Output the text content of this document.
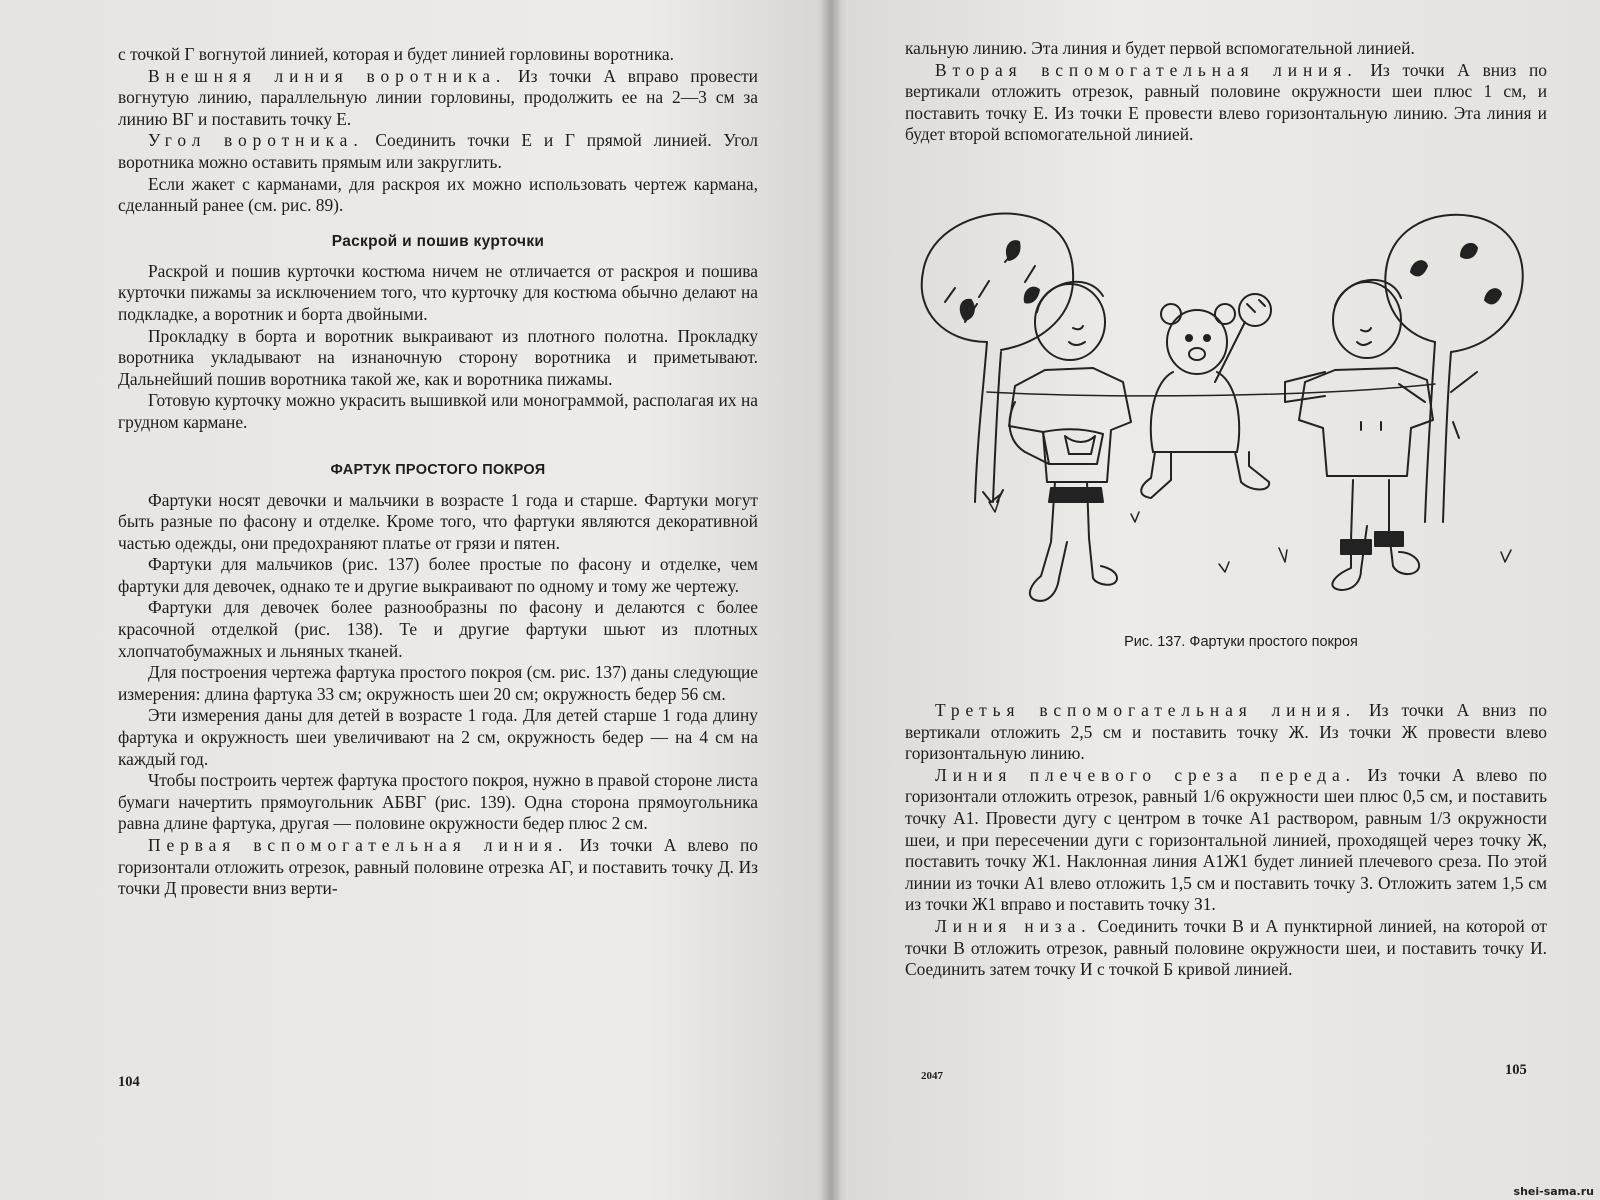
с точкой Г вогнутой линией, которая и будет линией горловины воротника.

Внешняя линия воротника. Из точки А вправо провести вогнутую линию, параллельную линии горловины, продолжить ее на 2—3 см за линию ВГ и поставить точку Е.

Угол воротника. Соединить точки Е и Г прямой линией. Угол воротника можно оставить прямым или закруглить.

Если жакет с карманами, для раскроя их можно использовать чертеж кармана, сделанный ранее (см. рис. 89).

Раскрой и пошив курточки

Раскрой и пошив курточки костюма ничем не отличается от раскроя и пошива курточки пижамы за исключением того, что курточку для костюма обычно делают на подкладке, а воротник и борта двойными.

Прокладку в борта и воротник выкраивают из плотного полотна. Прокладку воротника укладывают на изнаночную сторону воротника и приметывают. Дальнейший пошив воротника такой же, как и воротника пижамы.

Готовую курточку можно украсить вышивкой или монограммой, располагая их на грудном кармане.

ФАРТУК ПРОСТОГО ПОКРОЯ

Фартуки носят девочки и мальчики в возрасте 1 года и старше. Фартуки могут быть разные по фасону и отделке. Кроме того, что фартуки являются декоративной частью одежды, они предохраняют платье от грязи и пятен.

Фартуки для мальчиков (рис. 137) более простые по фасону и отделке, чем фартуки для девочек, однако те и другие выкраивают по одному и тому же чертежу.

Фартуки для девочек более разнообразны по фасону и делаются с более красочной отделкой (рис. 138). Те и другие фартуки шьют из плотных хлопчатобумажных и льняных тканей.

Для построения чертежа фартука простого покроя (см. рис. 137) даны следующие измерения: длина фартука 33 см; окружность шеи 20 см; окружность бедер 56 см.

Эти измерения даны для детей в возрасте 1 года. Для детей старше 1 года длину фартука и окружность шеи увеличивают на 2 см, окружность бедер — на 4 см на каждый год.

Чтобы построить чертеж фартука простого покроя, нужно в правой стороне листа бумаги начертить прямоугольник АБВГ (рис. 139). Одна сторона прямоугольника равна длине фартука, другая — половине окружности бедер плюс 2 см.

Первая вспомогательная линия. Из точки А влево по горизонтали отложить отрезок, равный половине отрезка АГ, и поставить точку Д. Из точки Д провести вниз верти-

104

кальную линию. Эта линия и будет первой вспомогательной линией.

Вторая вспомогательная линия. Из точки А вниз по вертикали отложить отрезок, равный половине окружности шеи плюс 1 см, и поставить точку Е. Из точки Е провести влево горизонтальную линию. Эта линия и будет второй вспомогательной линией.

Рис. 137. Фартуки простого покроя

Третья вспомогательная линия. Из точки А вниз по вертикали отложить 2,5 см и поставить точку Ж. Из точки Ж провести влево горизонтальную линию.

Линия плечевого среза переда. Из точки А влево по горизонтали отложить отрезок, равный 1/6 окружности шеи плюс 0,5 см, и поставить точку А1. Провести дугу с центром в точке А1 раствором, равным 1/3 окружности шеи, и при пересечении дуги с горизонтальной линией, проходящей через точку Ж, поставить точку Ж1. Наклонная линия А1Ж1 будет линией плечевого среза. По этой линии из точки А1 влево отложить 1,5 см и поставить точку З. Отложить затем 1,5 см из точки Ж1 вправо и поставить точку З1.

Линия низа. Соединить точки В и А пунктирной линией, на которой от точки В отложить отрезок, равный половине окружности шеи, и поставить точку И. Соединить затем точку И с точкой Б кривой линией.

2047	105
shei-sama.ru
